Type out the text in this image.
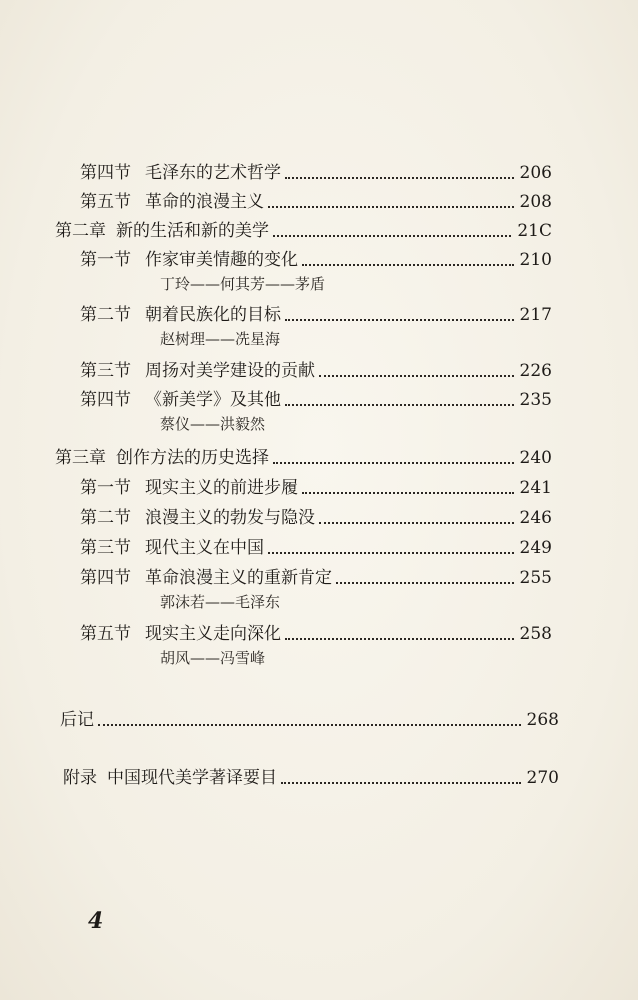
第四节 毛泽东的艺术哲学	206
第五节 革命的浪漫主义	208
第二章 新的生活和新的美学	21C
第一节 作家审美情趣的变化	210
丁玲——何其芳——茅盾
第二节 朝着民族化的目标	217
赵树理——冼星海
第三节 周扬对美学建设的贡献	226
第四节 《新美学》及其他	235
蔡仪——洪毅然
第三章 创作方法的历史选择	240
第一节 现实主义的前进步履	241
第二节 浪漫主义的勃发与隐没	246
第三节 现代主义在中国	249
第四节 革命浪漫主义的重新肯定	255
郭沫若——毛泽东
第五节 现实主义走向深化	258
胡风——冯雪峰
后记	268
附录 中国现代美学著译要目	270
4
